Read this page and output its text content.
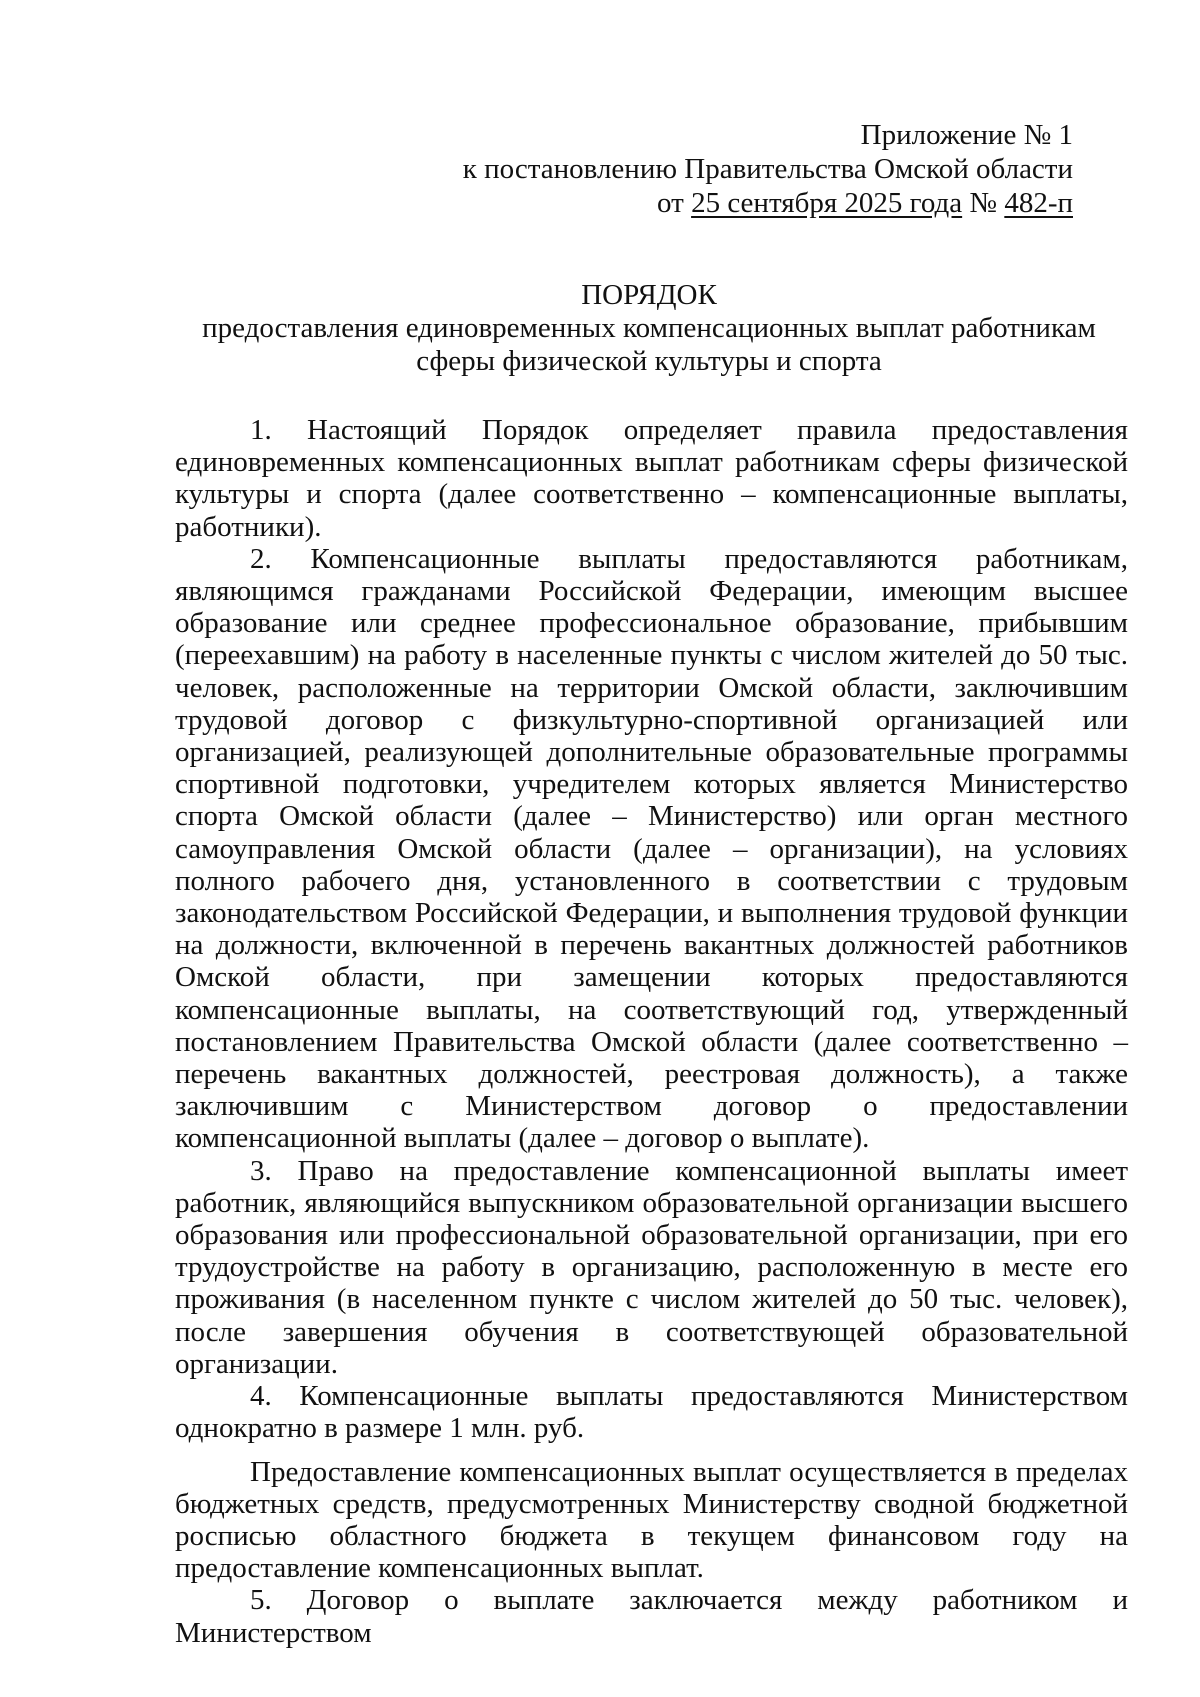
Приложение № 1
к постановлению Правительства Омской области
от 25 сентября 2025 года № 482-п
ПОРЯДОК
предоставления единовременных компенсационных выплат работникам
сферы физической культуры и спорта

1. Настоящий Порядок определяет правила предоставления единовременных компенсационных выплат работникам сферы физической культуры и спорта (далее соответственно – компенсационные выплаты, работники).

2. Компенсационные выплаты предоставляются работникам, являющимся гражданами Российской Федерации, имеющим высшее образование или среднее профессиональное образование, прибывшим (переехавшим) на работу в населенные пункты с числом жителей до 50 тыс. человек, расположенные на территории Омской области, заключившим трудовой договор с физкультурно-спортивной организацией или организацией, реализующей дополнительные образовательные программы спортивной подготовки, учредителем которых является Министерство спорта Омской области (далее – Министерство) или орган местного самоуправления Омской области (далее – организации), на условиях полного рабочего дня, установленного в соответствии с трудовым законодательством Российской Федерации, и выполнения трудовой функции на должности, включенной в перечень вакантных должностей работников Омской области, при замещении которых предоставляются компенсационные выплаты, на соответствующий год, утвержденный постановлением Правительства Омской области (далее соответственно – перечень вакантных должностей, реестровая должность), а также заключившим с Министерством договор о предоставлении компенсационной выплаты (далее – договор о выплате).

3. Право на предоставление компенсационной выплаты имеет работник, являющийся выпускником образовательной организации высшего образования или профессиональной образовательной организации, при его трудоустройстве на работу в организацию, расположенную в месте его проживания (в населенном пункте с числом жителей до 50 тыс. человек), после завершения обучения в соответствующей образовательной организации.

4. Компенсационные выплаты предоставляются Министерством однократно в размере 1 млн. руб.

Предоставление компенсационных выплат осуществляется в пределах бюджетных средств, предусмотренных Министерству сводной бюджетной росписью областного бюджета в текущем финансовом году на предоставление компенсационных выплат.

5. Договор о выплате заключается между работником и Министерством
